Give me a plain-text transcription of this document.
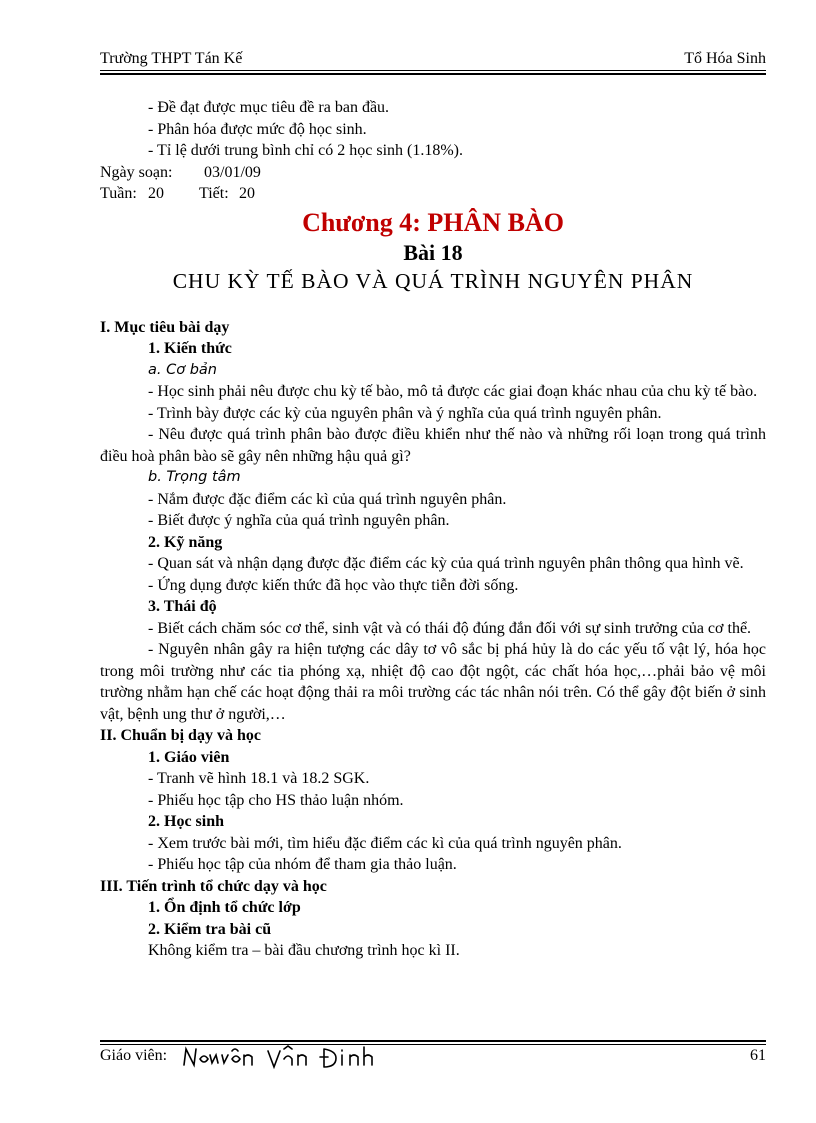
Trường THPT Tán Kế	Tổ Hóa Sinh
- Đề đạt được mục tiêu đề ra ban đầu.
- Phân hóa được mức độ học sinh.
- Tỉ lệ dưới trung bình chỉ có 2 học sinh (1.18%).
Ngày soạn:	03/01/09
Tuần: 20	Tiết: 20
Chương 4: PHÂN BÀO
Bài 18
CHU KỲ TẾ BÀO VÀ QUÁ TRÌNH NGUYÊN PHÂN
I. Mục tiêu bài dạy
1. Kiến thức
a. Cơ bản
- Học sinh phải nêu được chu kỳ tế bào, mô tả được các giai đoạn khác nhau của chu kỳ tế bào.
- Trình bày được các kỳ của nguyên phân và ý nghĩa của quá trình nguyên phân.
- Nêu được quá trình phân bào được điều khiển như thế nào và những rối loạn trong quá trình điều hoà phân bào sẽ gây nên những hậu quả gì?
b. Trọng tâm
- Nắm được đặc điểm các kì của quá trình nguyên phân.
- Biết được ý nghĩa của quá trình nguyên phân.
2. Kỹ năng
- Quan sát và nhận dạng được đặc điểm các kỳ của quá trình nguyên phân thông qua hình vẽ.
- Ứng dụng được kiến thức đã học vào thực tiễn đời sống.
3. Thái độ
- Biết cách chăm sóc cơ thể, sinh vật và có thái độ đúng đắn đối với sự sinh trưởng của cơ thể.
- Nguyên nhân gây ra hiện tượng các dây tơ vô sắc bị phá hủy là do các yếu tố vật lý, hóa học trong môi trường như các tia phóng xạ, nhiệt độ cao đột ngột, các chất hóa học,…phải bảo vệ môi trường nhằm hạn chế các hoạt động thải ra môi trường các tác nhân nói trên. Có thể gây đột biến ở sinh vật, bệnh ung thư ở người,…
II. Chuẩn bị dạy và học
1. Giáo viên
- Tranh vẽ hình 18.1 và 18.2 SGK.
- Phiếu học tập cho HS thảo luận nhóm.
2. Học sinh
- Xem trước bài mới, tìm hiểu đặc điểm các kì của quá trình nguyên phân.
- Phiếu học tập của nhóm để tham gia thảo luận.
III. Tiến trình tổ chức dạy và học
1. Ổn định tổ chức lớp
2. Kiểm tra bài cũ
Không kiểm tra – bài đầu chương trình học kì II.
Giáo viên:	61
